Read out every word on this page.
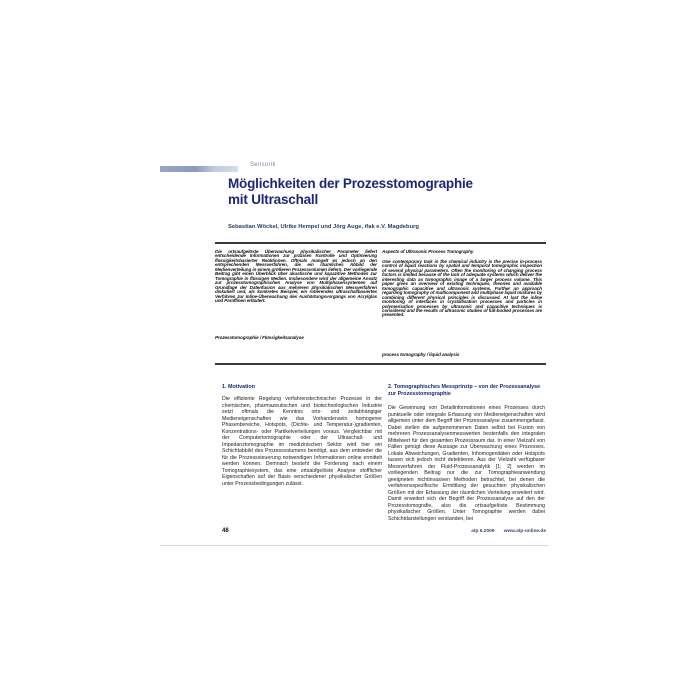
Sensorik
Möglichkeiten der Prozesstomographie
mit Ultraschall
Sebastian Wöckel, Ulrike Hempel und Jörg Auge, ifak e.V. Magdeburg
Die ortsaufgelöste Überwachung physikalischer Parameter liefert entscheidende Informationen zur präzisen Kontrolle und Optimierung flüssigkeitsbasierter Reaktionen. Oftmals mangelt es jedoch an den entsprechenden Messverfahren, die ein räumliches Abbild der Medienverteilung in einem größeren Prozessvolumen liefern. Der vorliegende Beitrag gibt einen Überblick über akustische und kapazitive Methoden zur Tomographie in flüssigen Medien. Insbesondere wird der allgemeine Ansatz zur prozesstomographischen Analyse von Multiphasensystemen auf Grundlage der Datenfusion aus mehreren physikalischen Messverfahren diskutiert und, als konkretes Beispiel, ein rotierendes ultraschallbasiertes Verfahren zur Inline-Überwachung des Aushärtungsvorgangs von Acrylglas und Paraffinen erläutert.
Prozesstomographie / Flüssigkeitsanalyse
Aspects of Ultrasonic Process Tomography
One contemporary task in the chemical industry is the precise in-process control of liquid reactions by spatial and temporal tomographic inspection of several physical parameters. Often the monitoring of changing process factors is limited because of the lack of adequate systems which deliver the interesting data as tomographic image of a larger process volume. This paper gives an overview of existing techniques, theories and available tomographic capacitive and ultrasonic systems. Further an approach regarding tomography of multicomponent and multiphase liquid mixtures by combining different physical principles is discussed. At last the inline monitoring of interfaces in crystallisation processes and particles in polymerisation processes by ultrasonic and capacitive techniques is considered and the results of ultrasonic studies of full-bodied processes are presented.
process tomography / liquid analysis
1. Motivation
Die effiziente Regelung verfahrenstechnischer Prozesse in der chemischen, pharmazeutischen und biotechnologischen Industrie setzt oftmals die Kenntnis orts- und zeitabhängiger Medieneigenschaften wie das Vorhandensein homogener Phasenbereiche, Hotspots, (Dichte- und Temperatur-)gradienten, Konzentrations- oder Partikelverteilungen voraus. Vergleichbar mit der Computertomographie oder der Ultraschall- und Impedanztomographie im medizinischen Sektor wird hier ein Schichtabbild des Prozessvolumens benötigt, aus dem entweder die für die Prozesssteuerung notwendigen Informationen online ermittelt werden können. Demnach besteht die Forderung nach einem Tomographiesystem, das eine ortsaufgelöste Analyse stofflicher Eigenschaften auf der Basis verschiedener physikalischer Größen unter Prozessbedingungen zulässt.
2. Tomographisches Messprinzip – von der Prozessanalyse zur Prozesstomographie
Die Gewinnung von Detailinformationen eines Prozesses durch punktuelle oder integrale Erfassung von Medieneigenschaften wird allgemein unter dem Begriff der Prozessanalyse zusammengefasst. Dabei stellen die aufgenommenen Daten selbst bei Fusion von mehreren Prozessanalysenmesswerten bestenfalls den integralen Mittelwert für den gesamten Prozessraum dar. In einer Vielzahl von Fällen genügt diese Aussage zur Überwachung eines Prozesses. Lokale Abweichungen, Gradienten, Inhomogenitäten oder Hotspots lassen sich jedoch nicht detektieren. Aus der Vielzahl verfügbarer Messverfahren der Fluid-Prozessanalytik [1; 2] werden im vorliegenden Beitrag nur die zur Tomographieanwendung geeigneten nichtinvasiven Methoden betrachtet, bei denen die verfahrensspezifische Ermittlung der gesuchten physikalischen Größen mit der Erfassung der räumlichen Verteilung erweitert wird. Damit erweitert sich der Begriff der Prozessanalyse auf den der Prozesstomografie, also die ortsaufgelöste Bestimmung physikalischer Größen. Unter Tomographie werden dabei Schichtdarstellungen verstanden, bei
48	atp 6.2009 www.atp-online.de
